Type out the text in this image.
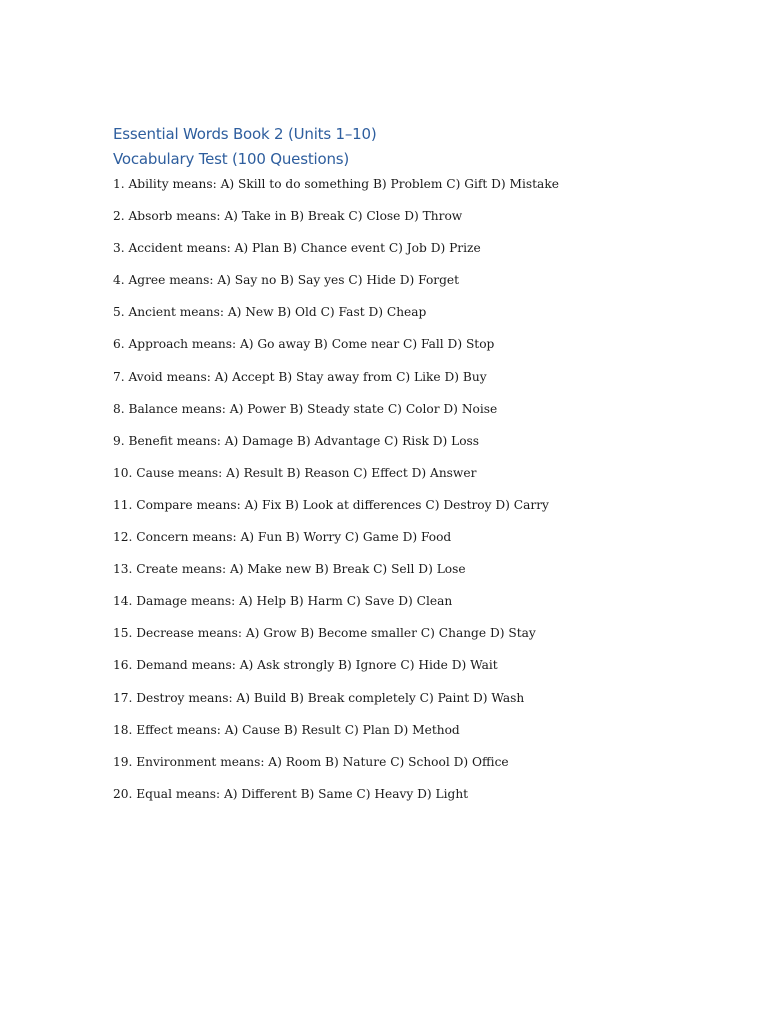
Essential Words Book 2 (Units 1–10)
Vocabulary Test (100 Questions)
1. Ability means: A) Skill to do something B) Problem C) Gift D) Mistake
2. Absorb means: A) Take in B) Break C) Close D) Throw
3. Accident means: A) Plan B) Chance event C) Job D) Prize
4. Agree means: A) Say no B) Say yes C) Hide D) Forget
5. Ancient means: A) New B) Old C) Fast D) Cheap
6. Approach means: A) Go away B) Come near C) Fall D) Stop
7. Avoid means: A) Accept B) Stay away from C) Like D) Buy
8. Balance means: A) Power B) Steady state C) Color D) Noise
9. Benefit means: A) Damage B) Advantage C) Risk D) Loss
10. Cause means: A) Result B) Reason C) Effect D) Answer
11. Compare means: A) Fix B) Look at differences C) Destroy D) Carry
12. Concern means: A) Fun B) Worry C) Game D) Food
13. Create means: A) Make new B) Break C) Sell D) Lose
14. Damage means: A) Help B) Harm C) Save D) Clean
15. Decrease means: A) Grow B) Become smaller C) Change D) Stay
16. Demand means: A) Ask strongly B) Ignore C) Hide D) Wait
17. Destroy means: A) Build B) Break completely C) Paint D) Wash
18. Effect means: A) Cause B) Result C) Plan D) Method
19. Environment means: A) Room B) Nature C) School D) Office
20. Equal means: A) Different B) Same C) Heavy D) Light
